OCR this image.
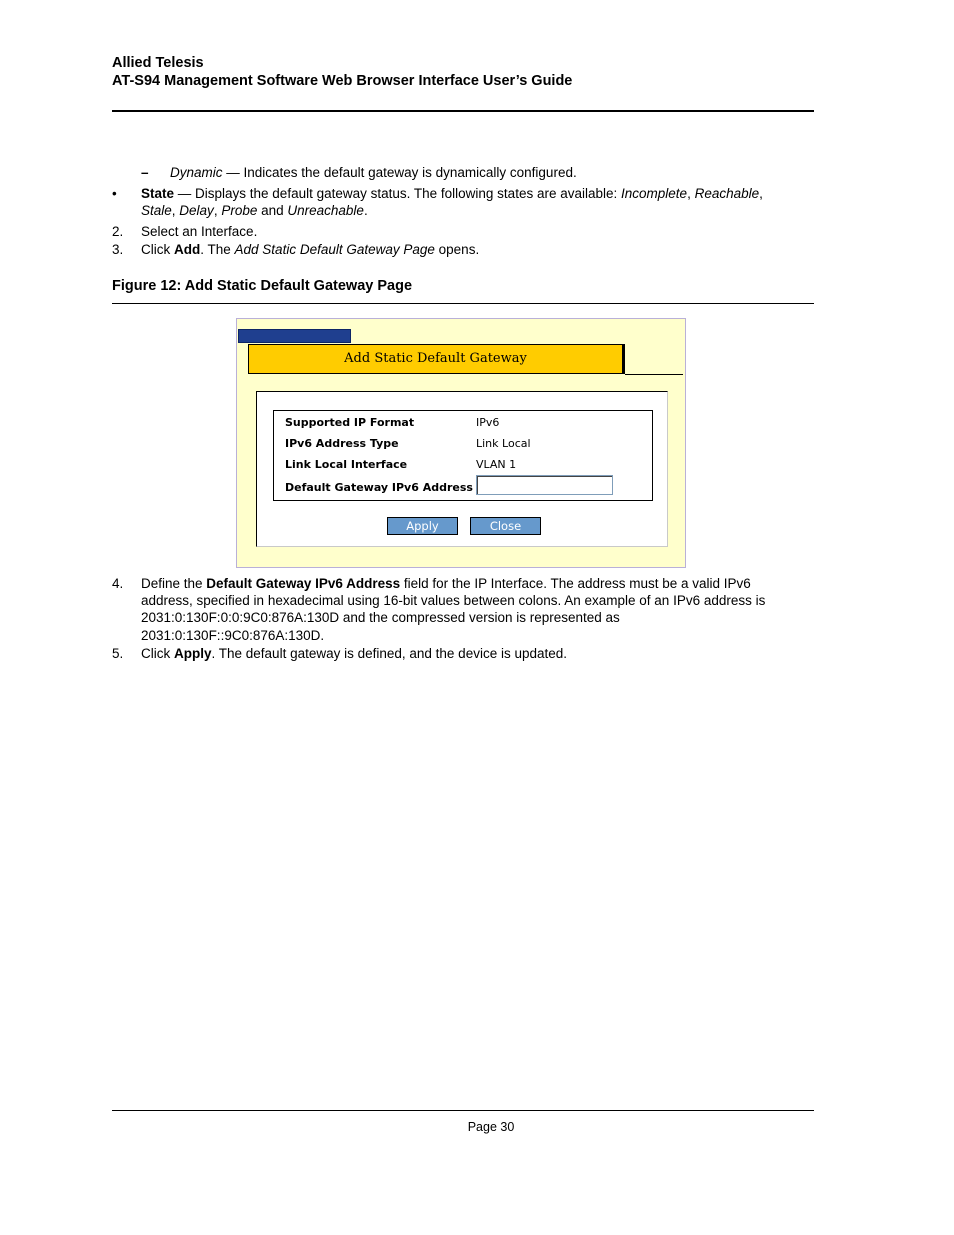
Allied Telesis
AT-S94 Management Software Web Browser Interface User’s Guide
– Dynamic — Indicates the default gateway is dynamically configured.
• State — Displays the default gateway status. The following states are available: Incomplete, Reachable,
Stale, Delay, Probe and Unreachable.
2. Select an Interface.
3. Click Add. The Add Static Default Gateway Page opens.
Figure 12: Add Static Default Gateway Page
Add Static Default Gateway
Supported IP Format	IPv6
IPv6 Address Type	Link Local
Link Local Interface	VLAN 1
Default Gateway IPv6 Address
Apply	Close
4. Define the Default Gateway IPv6 Address field for the IP Interface. The address must be a valid IPv6
address, specified in hexadecimal using 16-bit values between colons. An example of an IPv6 address is
2031:0:130F:0:0:9C0:876A:130D and the compressed version is represented as
2031:0:130F::9C0:876A:130D.
5. Click Apply. The default gateway is defined, and the device is updated.
Page 30
